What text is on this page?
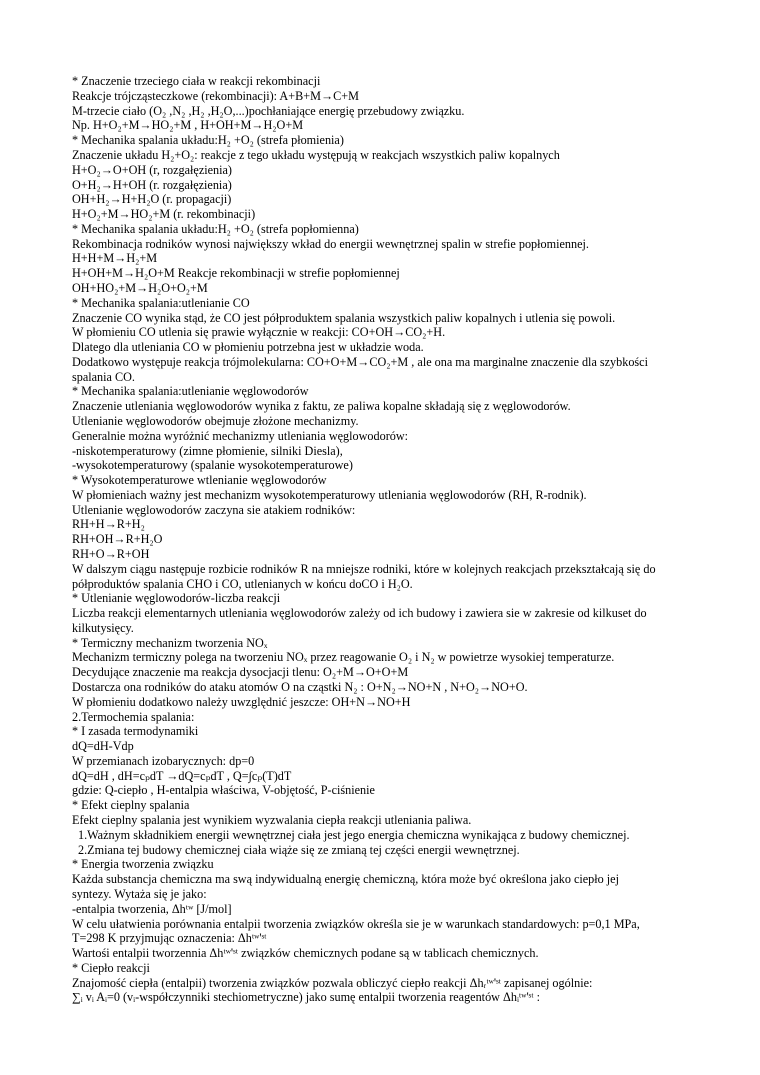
* Znaczenie trzeciego ciała w reakcji rekombinacji
Reakcje trójcząsteczkowe (rekombinacji): A+B+M→C+M
M-trzecie ciało (O₂ ,N₂ ,H₂ ,H₂O,...)pochłaniające energię przebudowy związku.
Np. H+O₂+M→HO₂+M , H+OH+M→H₂O+M
* Mechanika spalania układu:H₂ +O₂ (strefa płomienia)
Znaczenie układu H₂+O₂: reakcje z tego układu występują w reakcjach wszystkich paliw kopalnych
H+O₂→O+OH (r, rozgałęzienia)
O+H₂→H+OH (r. rozgałęzienia)
OH+H₂→H+H₂O (r. propagacji)
H+O₂+M→HO₂+M (r. rekombinacji)
* Mechanika spalania układu:H₂ +O₂ (strefa popłomienna)
Rekombinacja rodników wynosi największy wkład do energii wewnętrznej spalin w strefie popłomiennej.
H+H+M→H₂+M
H+OH+M→H₂O+M Reakcje rekombinacji w strefie popłomiennej
OH+HO₂+M→H₂O+O₂+M
* Mechanika spalania:utlenianie CO
Znaczenie CO wynika stąd, że CO jest półproduktem spalania wszystkich paliw kopalnych i utlenia się powoli.
W płomieniu CO utlenia się prawie wyłącznie w reakcji: CO+OH→CO₂+H.
Dlatego dla utleniania CO w płomieniu potrzebna jest w układzie woda.
Dodatkowo występuje reakcja trójmolekularna: CO+O+M→CO₂+M , ale ona ma marginalne znaczenie dla szybkości
spalania CO.
* Mechanika spalania:utlenianie węglowodorów
Znaczenie utleniania węglowodorów wynika z faktu, ze paliwa kopalne składają się z węglowodorów.
Utlenianie węglowodorów obejmuje złożone mechanizmy.
Generalnie można wyróżnić mechanizmy utleniania węglowodorów:
-niskotemperaturowy (zimne płomienie, silniki Diesla),
-wysokotemperaturowy (spalanie wysokotemperaturowe)
* Wysokotemperaturowe wtlenianie węglowodorów
W płomieniach ważny jest mechanizm wysokotemperaturowy utleniania węglowodorów (RH, R-rodnik).
Utlenianie węglowodorów zaczyna sie atakiem rodników:
RH+H→R+H₂
RH+OH→R+H₂O
RH+O→R+OH
W dalszym ciągu następuje rozbicie rodników R na mniejsze rodniki, które w kolejnych reakcjach przekształcają się do
półproduktów spalania CHO i CO, utlenianych w końcu doCO i H₂O.
* Utlenianie węglowodorów-liczba reakcji
Liczba reakcji elementarnych utleniania węglowodorów zależy od ich budowy i zawiera sie w zakresie od kilkuset do
kilkutysięcy.
* Termiczny mechanizm tworzenia NOₓ
Mechanizm termiczny polega na tworzeniu NOₓ przez reagowanie O₂ i N₂ w powietrze wysokiej temperaturze.
Decydujące znaczenie ma reakcja dysocjacji tlenu: O₂+M→O+O+M
Dostarcza ona rodników do ataku atomów O na cząstki N₂ : O+N₂→NO+N , N+O₂→NO+O.
W płomieniu dodatkowo należy uwzględnić jeszcze: OH+N→NO+H
2.Termochemia spalania:
* I zasada termodynamiki
dQ=dH-Vdp
W przemianach izobarycznych: dp=0
dQ=dH , dH=cₚdT →dQ=cₚdT , Q=∫cₚ(T)dT
gdzie: Q-ciepło , H-entalpia właściwa, V-objętość, P-ciśnienie
* Efekt cieplny spalania
Efekt cieplny spalania jest wynikiem wyzwalania ciepła reakcji utleniania paliwa.
1.Ważnym składnikiem energii wewnętrznej ciała jest jego energia chemiczna wynikająca z budowy chemicznej.
2.Zmiana tej budowy chemicznej ciała wiąże się ze zmianą tej części energii wewnętrznej.
* Energia tworzenia związku
Każda substancja chemiczna ma swą indywidualną energię chemiczną, która może być określona jako ciepło jej
syntezy. Wytaża się je jako:
-entalpia tworzenia, Δhᵗʷ [J/mol]
W celu ułatwienia porównania entalpii tworzenia związków określa sie je w warunkach standardowych: p=0,1 MPa,
T=298 K przyjmując oznaczenia: Δhᵗʷ'ˢᵗ
Wartośi entalpii tworzennia Δhᵗʷ'ˢᵗ związków chemicznych podane są w tablicach chemicznych.
* Ciepło reakcji
Znajomość ciepła (entalpii) tworzenia związków pozwala obliczyć ciepło reakcji Δhᵣᵗʷ'ˢᵗ zapisanej ogólnie:
∑ᵢ vᵢ Aᵢ=0 (vᵢ-współczynniki stechiometryczne) jako sumę entalpii tworzenia reagentów Δhᵢᵗʷ'ˢᵗ :
